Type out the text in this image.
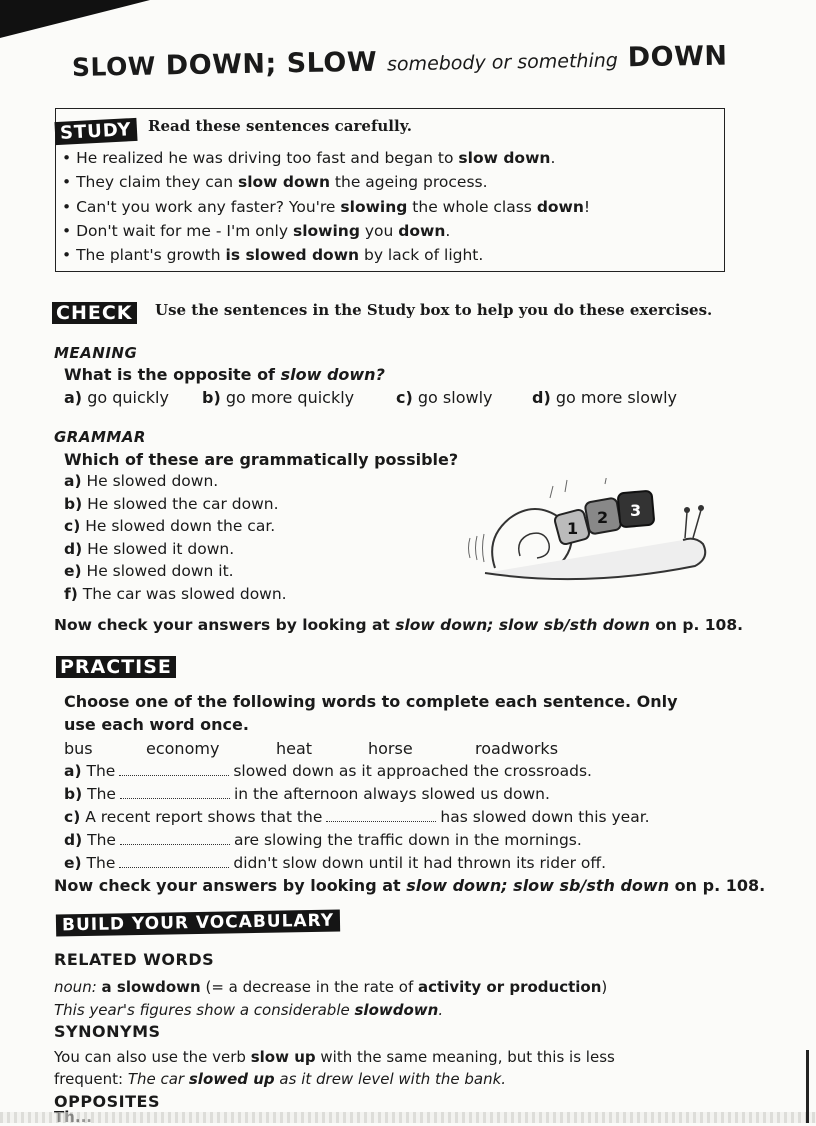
SLOW DOWN; SLOW somebody or something DOWN
STUDY	Read these sentences carefully.
• He realized he was driving too fast and began to slow down.
• They claim they can slow down the ageing process.
• Can't you work any faster? You're slowing the whole class down!
• Don't wait for me - I'm only slowing you down.
• The plant's growth is slowed down by lack of light.
CHECK Use the sentences in the Study box to help you do these exercises.
MEANING
What is the opposite of slow down?
a) go quickly b) go more quickly	c) go slowly d) go more slowly
GRAMMAR
Which of these are grammatically possible?
a) He slowed down.
b) He slowed the car down.
c) He slowed down the car.
d) He slowed it down.
e) He slowed down it.
f) The car was slowed down.
1
2 3
Now check your answers by looking at slow down; slow sb/sth down on p. 108.
PRACTISE
Choose one of the following words to complete each sentence. Only
use each word once.
bus	economy	heat	horse	roadworks
a) The	slowed down as it approached the crossroads.
b) The	in the afternoon always slowed us down.
c) A recent report shows that the	has slowed down this year.
d) The	are slowing the traffic down in the mornings.
e) The	didn't slow down until it had thrown its rider off.
Now check your answers by looking at slow down; slow sb/sth down on p. 108.
BUILD YOUR VOCABULARY
RELATED WORDS
noun: a slowdown (= a decrease in the rate of activity or production)
This year's figures show a considerable slowdown.
SYNONYMS
You can also use the verb slow up with the same meaning, but this is less
frequent: The car slowed up as it drew level with the bank.
OPPOSITES
